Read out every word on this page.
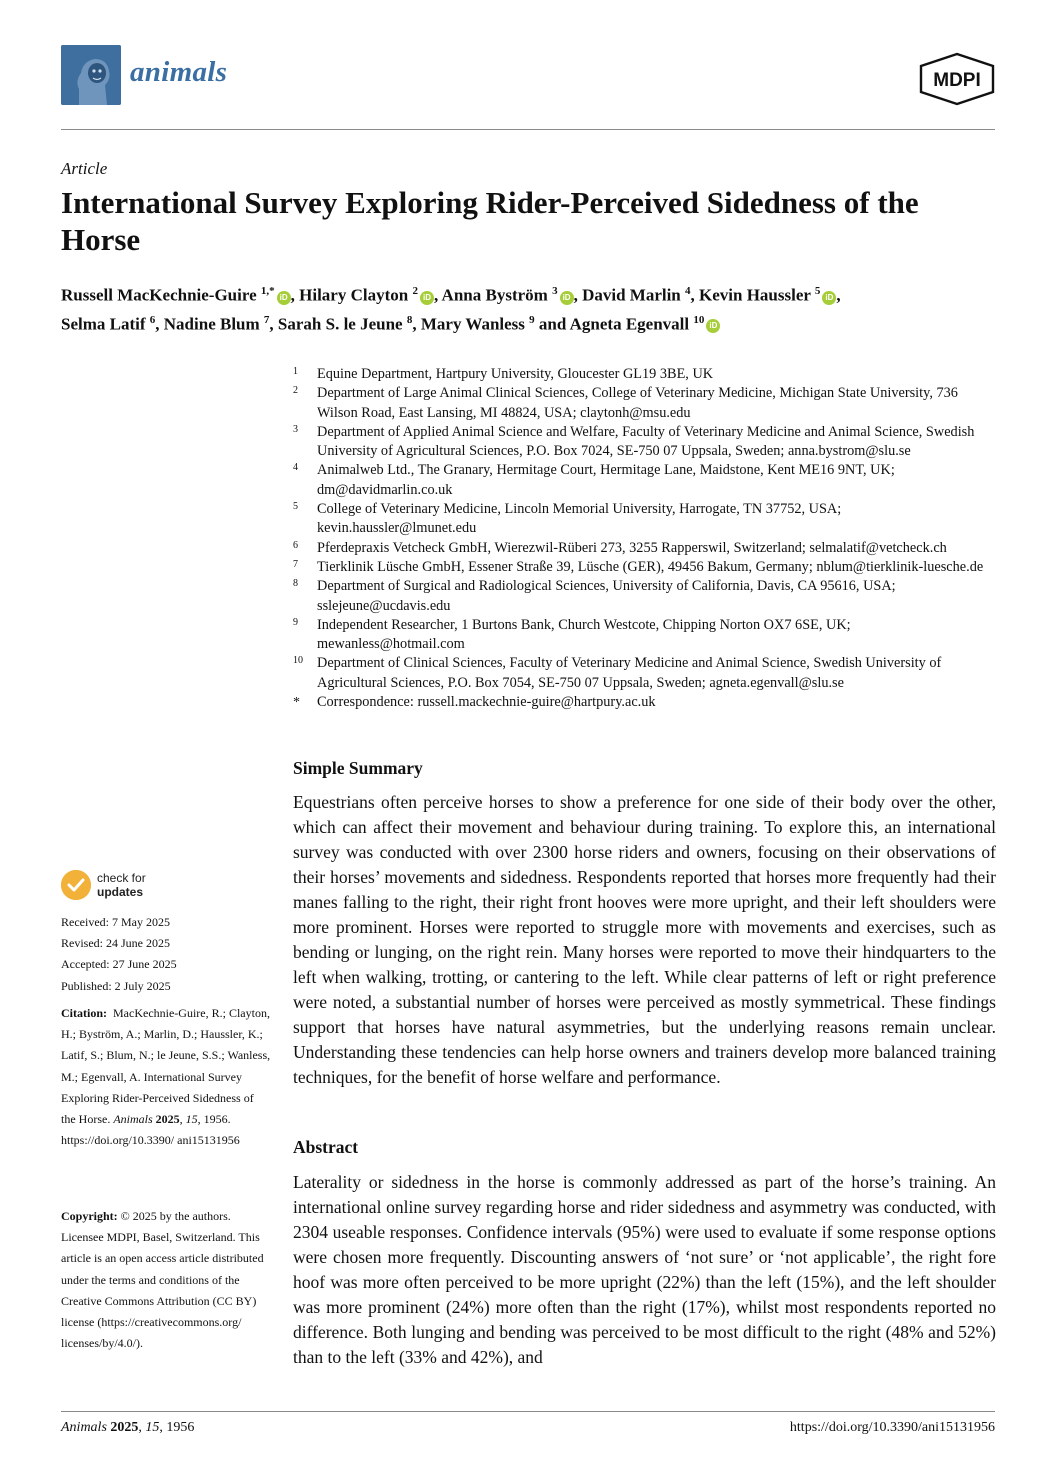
animals	MDPI
Article
International Survey Exploring Rider-Perceived Sidedness of the Horse
Russell MacKechnie-Guire $^{1,*}$iD , Hilary Clayton $^2$iD , Anna Byström $^3$iD , David Marlin $^4$, Kevin Haussler $^5$iD ,
Selma Latif $^6$, Nadine Blum $^7$, Sarah S. le Jeune $^8$, Mary Wanless $^9$ and Agneta Egenvall $^{10}$iD
1 Equine Department, Hartpury University, Gloucester GL19 3BE, UK
2 Department of Large Animal Clinical Sciences, College of Veterinary Medicine, Michigan State University, 736 Wilson Road, East Lansing, MI 48824, USA; claytonh@msu.edu
3 Department of Applied Animal Science and Welfare, Faculty of Veterinary Medicine and Animal Science, Swedish University of Agricultural Sciences, P.O. Box 7024, SE-750 07 Uppsala, Sweden; anna.bystrom@slu.se
4 Animalweb Ltd., The Granary, Hermitage Court, Hermitage Lane, Maidstone, Kent ME16 9NT, UK; dm@davidmarlin.co.uk
5 College of Veterinary Medicine, Lincoln Memorial University, Harrogate, TN 37752, USA; kevin.haussler@lmunet.edu
6 Pferdepraxis Vetcheck GmbH, Wierezwil-Rüberi 273, 3255 Rapperswil, Switzerland; selmalatif@vetcheck.ch
7 Tierklinik Lüsche GmbH, Essener Straße 39, Lüsche (GER), 49456 Bakum, Germany; nblum@tierklinik-luesche.de
8 Department of Surgical and Radiological Sciences, University of California, Davis, CA 95616, USA; sslejeune@ucdavis.edu
9 Independent Researcher, 1 Burtons Bank, Church Westcote, Chipping Norton OX7 6SE, UK; mewanless@hotmail.com
10 Department of Clinical Sciences, Faculty of Veterinary Medicine and Animal Science, Swedish University of Agricultural Sciences, P.O. Box 7054, SE-750 07 Uppsala, Sweden; agneta.egenvall@slu.se
* Correspondence: russell.mackechnie-guire@hartpury.ac.uk
Simple Summary

Equestrians often perceive horses to show a preference for one side of their body over the other, which can affect their movement and behaviour during training. To explore this, an international survey was conducted with over 2300 horse riders and owners, focusing on their observations of their horses’ movements and sidedness. Respondents reported that horses more frequently had their manes falling to the right, their right front hooves were more upright, and their left shoulders were more prominent. Horses were reported to struggle more with movements and exercises, such as bending or lunging, on the right rein. Many horses were reported to move their hindquarters to the left when walking, trotting, or cantering to the left. While clear patterns of left or right preference were noted, a substantial number of horses were perceived as mostly symmetrical. These findings support that horses have natural asymmetries, but the underlying reasons remain unclear. Understanding these tendencies can help horse owners and trainers develop more balanced training techniques, for the benefit of horse welfare and performance.

Abstract

Laterality or sidedness in the horse is commonly addressed as part of the horse’s training. An international online survey regarding horse and rider sidedness and asymmetry was conducted, with 2304 useable responses. Confidence intervals (95%) were used to evaluate if some response options were chosen more frequently. Discounting answers of ‘not sure’ or ‘not applicable’, the right fore hoof was more often perceived to be more upright (22%) than the left (15%), and the left shoulder was more prominent (24%) more often than the right (17%), whilst most respondents reported no difference. Both lunging and bending was perceived to be most difficult to the right (48% and 52%) than to the left (33% and 42%), and

check for
updates
Received: 7 May 2025
Revised: 24 June 2025
Accepted: 27 June 2025
Published: 2 July 2025
Citation: MacKechnie-Guire, R.; Clayton, H.; Byström, A.; Marlin, D.; Haussler, K.; Latif, S.; Blum, N.; le Jeune, S.S.; Wanless, M.; Egenvall, A. International Survey Exploring Rider-Perceived Sidedness of the Horse. Animals 2025, 15, 1956. https://doi.org/10.3390/ ani15131956
Copyright: © 2025 by the authors. Licensee MDPI, Basel, Switzerland. This article is an open access article distributed under the terms and conditions of the Creative Commons Attribution (CC BY) license (https://creativecommons.org/ licenses/by/4.0/).
Animals 2025, 15, 1956	https://doi.org/10.3390/ani15131956
